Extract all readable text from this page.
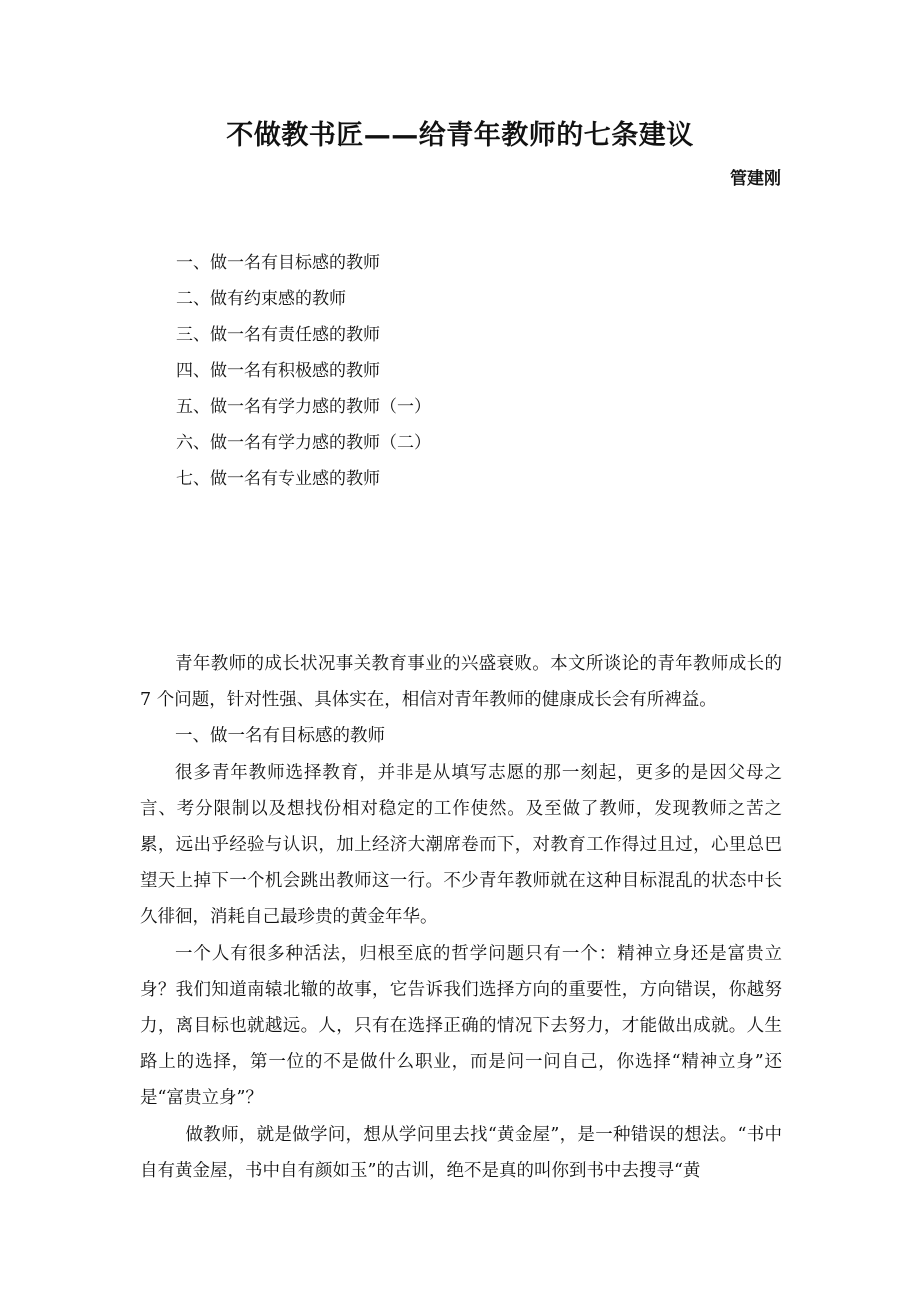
不做教书匠——给青年教师的七条建议
管建刚
一、做一名有目标感的教师
二、做有约束感的教师
三、做一名有责任感的教师
四、做一名有积极感的教师
五、做一名有学力感的教师（一）
六、做一名有学力感的教师（二）
七、做一名有专业感的教师

青年教师的成长状况事关教育事业的兴盛衰败。本文所谈论的青年教师成长的 7 个问题，针对性强、具体实在，相信对青年教师的健康成长会有所裨益。

一、做一名有目标感的教师

很多青年教师选择教育，并非是从填写志愿的那一刻起，更多的是因父母之言、考分限制以及想找份相对稳定的工作使然。及至做了教师，发现教师之苦之累，远出乎经验与认识，加上经济大潮席卷而下，对教育工作得过且过，心里总巴望天上掉下一个机会跳出教师这一行。不少青年教师就在这种目标混乱的状态中长久徘徊，消耗自己最珍贵的黄金年华。

一个人有很多种活法，归根至底的哲学问题只有一个：精神立身还是富贵立身？我们知道南辕北辙的故事，它告诉我们选择方向的重要性，方向错误，你越努力，离目标也就越远。人，只有在选择正确的情况下去努力，才能做出成就。人生路上的选择，第一位的不是做什么职业，而是问一问自己，你选择“精神立身”还是“富贵立身”？

做教师，就是做学问，想从学问里去找“黄金屋”，是一种错误的想法。“书中自有黄金屋，书中自有颜如玉”的古训，绝不是真的叫你到书中去搜寻“黄
